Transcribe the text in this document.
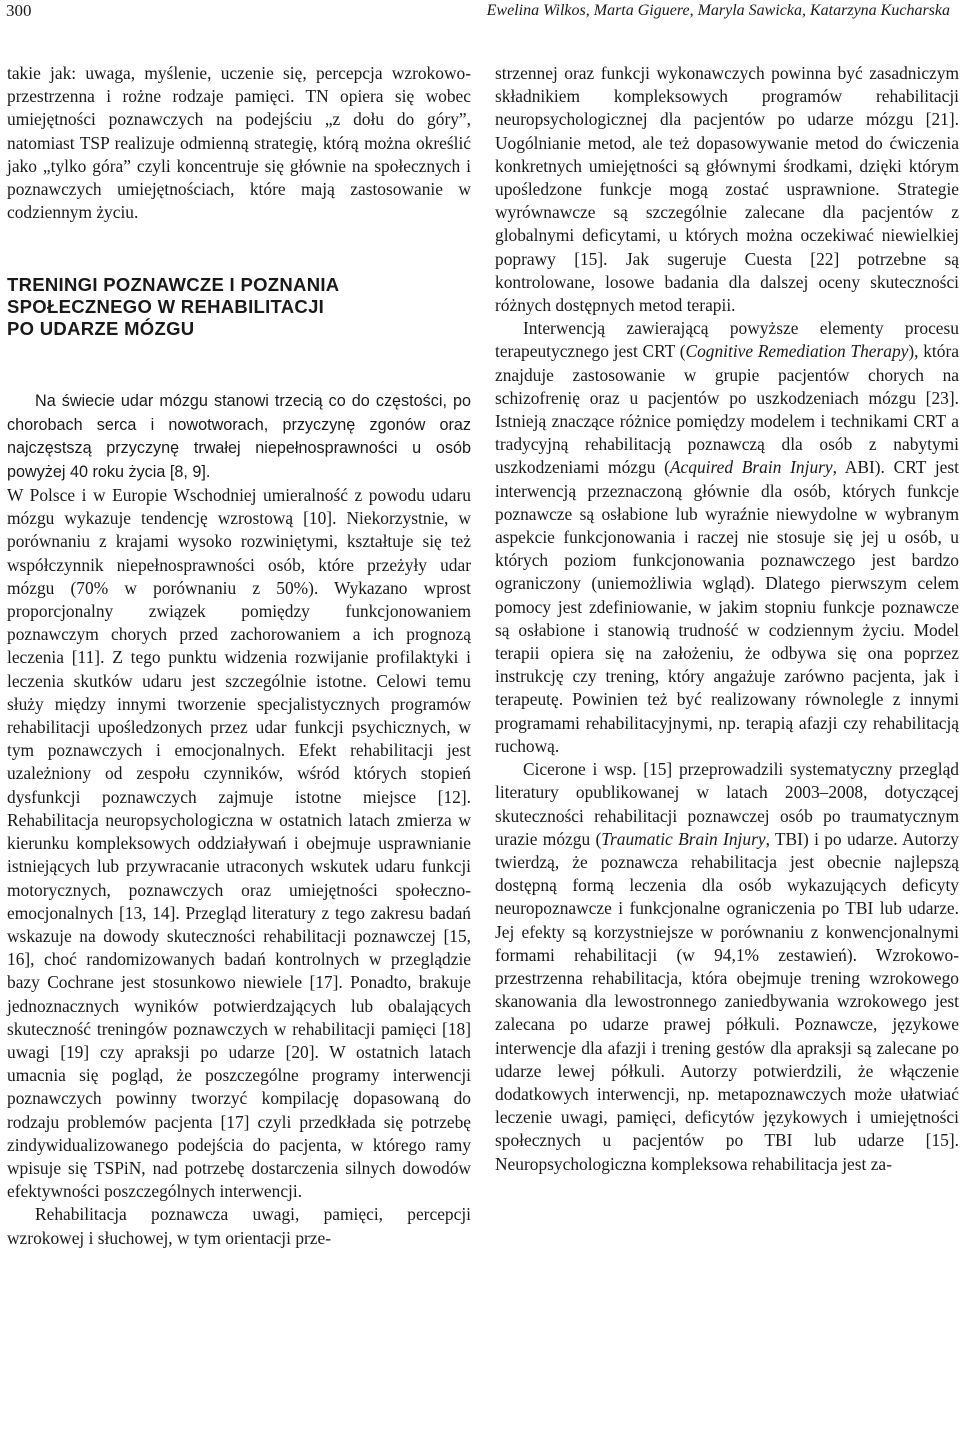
300	Ewelina Wilkos, Marta Giguere, Maryla Sawicka, Katarzyna Kucharska

takie jak: uwaga, myślenie, uczenie się, percepcja wzrokowo-przestrzenna i rożne rodzaje pamięci. TN opiera się wobec umiejętności poznawczych na podejściu „z dołu do góry”, natomiast TSP realizuje odmienną strategię, którą można określić jako „tylko góra” czyli koncentruje się głównie na społecznych i poznawczych umiejętnościach, które mają zastosowanie w codziennym życiu.

TRENINGI POZNAWCZE I POZNANIA
SPOŁECZNEGO W REHABILITACJI
PO UDARZE MÓZGU

Na świecie udar mózgu stanowi trzecią co do częstości, po chorobach serca i nowotworach, przyczynę zgonów oraz najczęstszą przyczynę trwałej niepełnosprawności u osób powyżej 40 roku życia [8, 9].

W Polsce i w Europie Wschodniej umieralność z powodu udaru mózgu wykazuje tendencję wzrostową [10]. Niekorzystnie, w porównaniu z krajami wysoko rozwiniętymi, kształtuje się też współczynnik niepełnosprawności osób, które przeżyły udar mózgu (70% w porównaniu z 50%). Wykazano wprost proporcjonalny związek pomiędzy funkcjonowaniem poznawczym chorych przed zachorowaniem a ich prognozą leczenia [11]. Z tego punktu widzenia rozwijanie profilaktyki i leczenia skutków udaru jest szczególnie istotne. Celowi temu służy między innymi tworzenie specjalistycznych programów rehabilitacji upośledzonych przez udar funkcji psychicznych, w tym poznawczych i emocjonalnych. Efekt rehabilitacji jest uzależniony od zespołu czynników, wśród których stopień dysfunkcji poznawczych zajmuje istotne miejsce [12]. Rehabilitacja neuropsychologiczna w ostatnich latach zmierza w kierunku kompleksowych oddziaływań i obejmuje usprawnianie istniejących lub przywracanie utraconych wskutek udaru funkcji motorycznych, poznawczych oraz umiejętności społeczno-emocjonalnych [13, 14]. Przegląd literatury z tego zakresu badań wskazuje na dowody skuteczności rehabilitacji poznawczej [15, 16], choć randomizowanych badań kontrolnych w przeglądzie bazy Cochrane jest stosunkowo niewiele [17]. Ponadto, brakuje jednoznacznych wyników potwierdzających lub obalających skuteczność treningów poznawczych w rehabilitacji pamięci [18] uwagi [19] czy apraksji po udarze [20]. W ostatnich latach umacnia się pogląd, że poszczególne programy interwencji poznawczych powinny tworzyć kompilację dopasowaną do rodzaju problemów pacjenta [17] czyli przedkłada się potrzebę zindywidualizowanego podejścia do pacjenta, w którego ramy wpisuje się TSPiN, nad potrzebę dostarczenia silnych dowodów efektywności poszczególnych interwencji.

Rehabilitacja poznawcza uwagi, pamięci, percepcji wzrokowej i słuchowej, w tym orientacji prze-

strzennej oraz funkcji wykonawczych powinna być zasadniczym składnikiem kompleksowych programów rehabilitacji neuropsychologicznej dla pacjentów po udarze mózgu [21]. Uogólnianie metod, ale też dopasowywanie metod do ćwiczenia konkretnych umiejętności są głównymi środkami, dzięki którym upośledzone funkcje mogą zostać usprawnione. Strategie wyrównawcze są szczególnie zalecane dla pacjentów z globalnymi deficytami, u których można oczekiwać niewielkiej poprawy [15]. Jak sugeruje Cuesta [22] potrzebne są kontrolowane, losowe badania dla dalszej oceny skuteczności różnych dostępnych metod terapii.

Interwencją zawierającą powyższe elementy procesu terapeutycznego jest CRT (Cognitive Remediation Therapy), która znajduje zastosowanie w grupie pacjentów chorych na schizofrenię oraz u pacjentów po uszkodzeniach mózgu [23]. Istnieją znaczące różnice pomiędzy modelem i technikami CRT a tradycyjną rehabilitacją poznawczą dla osób z nabytymi uszkodzeniami mózgu (Acquired Brain Injury, ABI). CRT jest interwencją przeznaczoną głównie dla osób, których funkcje poznawcze są osłabione lub wyraźnie niewydolne w wybranym aspekcie funkcjonowania i raczej nie stosuje się jej u osób, u których poziom funkcjonowania poznawczego jest bardzo ograniczony (uniemożliwia wgląd). Dlatego pierwszym celem pomocy jest zdefiniowanie, w jakim stopniu funkcje poznawcze są osłabione i stanowią trudność w codziennym życiu. Model terapii opiera się na założeniu, że odbywa się ona poprzez instrukcję czy trening, który angażuje zarówno pacjenta, jak i terapeutę. Powinien też być realizowany równolegle z innymi programami rehabilitacyjnymi, np. terapią afazji czy rehabilitacją ruchową.

Cicerone i wsp. [15] przeprowadzili systematyczny przegląd literatury opublikowanej w latach 2003–2008, dotyczącej skuteczności rehabilitacji poznawczej osób po traumatycznym urazie mózgu (Traumatic Brain Injury, TBI) i po udarze. Autorzy twierdzą, że poznawcza rehabilitacja jest obecnie najlepszą dostępną formą leczenia dla osób wykazujących deficyty neuropoznawcze i funkcjonalne ograniczenia po TBI lub udarze. Jej efekty są korzystniejsze w porównaniu z konwencjonalnymi formami rehabilitacji (w 94,1% zestawień). Wzrokowo-przestrzenna rehabilitacja, która obejmuje trening wzrokowego skanowania dla lewostronnego zaniedbywania wzrokowego jest zalecana po udarze prawej półkuli. Poznawcze, językowe interwencje dla afazji i trening gestów dla apraksji są zalecane po udarze lewej półkuli. Autorzy potwierdzili, że włączenie dodatkowych interwencji, np. metapoznawczych może ułatwiać leczenie uwagi, pamięci, deficytów językowych i umiejętności społecznych u pacjentów po TBI lub udarze [15]. Neuropsychologiczna kompleksowa rehabilitacja jest za-
